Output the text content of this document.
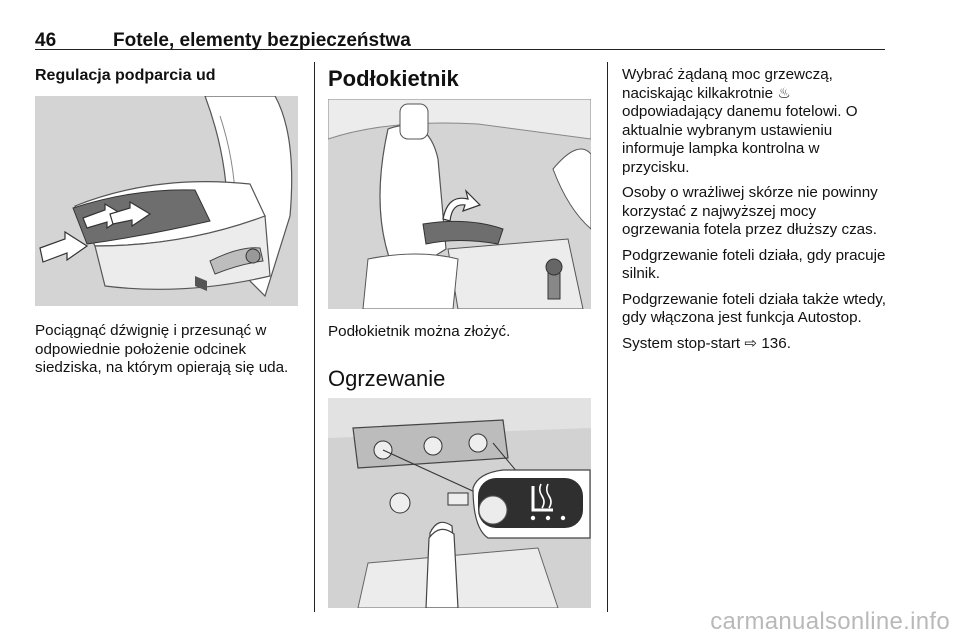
46	Fotele, elementy bezpieczeństwa
Regulacja podparcia ud

Pociągnąć dźwignię i przesunąć w odpowiednie położenie odcinek siedziska, na którym opierają się uda.

Podłokietnik

Podłokietnik można złożyć.

Ogrzewanie

Wybrać żądaną moc grzewczą, naciskając kilkakrotnie ♨ odpowiadający danemu fotelowi. O aktualnie wybranym ustawieniu informuje lampka kontrolna w przycisku.

Osoby o wrażliwej skórze nie powinny korzystać z najwyższej mocy ogrzewania fotela przez dłuższy czas.

Podgrzewanie foteli działa, gdy pracuje silnik.

Podgrzewanie foteli działa także wtedy, gdy włączona jest funkcja Autostop.

System stop-start ⇨ 136.

carmanualsonline.info
